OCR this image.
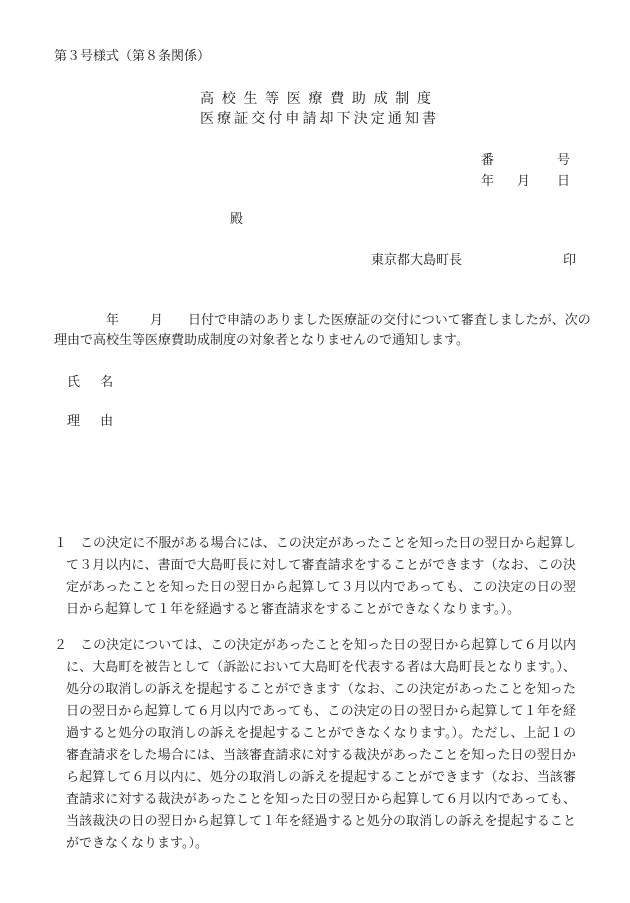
第３号様式（第８条関係）
高校生等医療費助成制度
医療証交付申請却下決定通知書
番	号
年 月 日
殿
東京都大島町長	印
年 月 日付で申請のありました医療証の交付について審査しましたが、次の
理由で高校生等医療費助成制度の対象者となりませんので通知します。
氏名
理由
１ この決定に不服がある場合には、この決定があったことを知った日の翌日から起算して３月以内に、書面で大島町長に対して審査請求をすることができます（なお、この決定があったことを知った日の翌日から起算して３月以内であっても、この決定の日の翌日から起算して１年を経過すると審査請求をすることができなくなります。）。
２ この決定については、この決定があったことを知った日の翌日から起算して６月以内に、大島町を被告として（訴訟において大島町を代表する者は大島町長となります。）、処分の取消しの訴えを提起することができます（なお、この決定があったことを知った日の翌日から起算して６月以内であっても、この決定の日の翌日から起算して１年を経過すると処分の取消しの訴えを提起することができなくなります。）。ただし、上記１の審査請求をした場合には、当該審査請求に対する裁決があったことを知った日の翌日から起算して６月以内に、処分の取消しの訴えを提起することができます（なお、当該審査請求に対する裁決があったことを知った日の翌日から起算して６月以内であっても、当該裁決の日の翌日から起算して１年を経過すると処分の取消しの訴えを提起することができなくなります。）。
